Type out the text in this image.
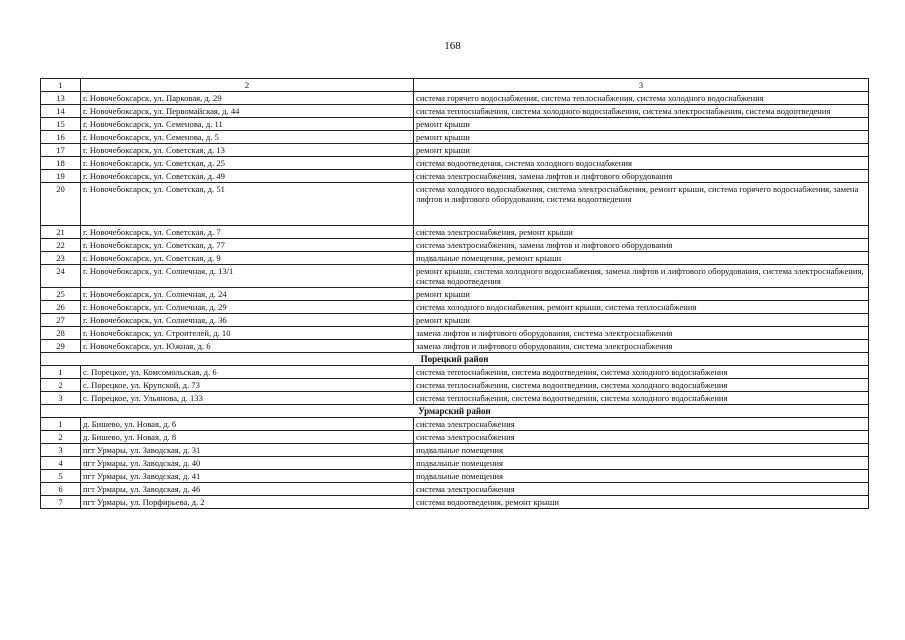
168
1	2	3
13	г. Новочебоксарск, ул. Парковая, д. 29	система горячего водоснабжения, система теплоснабжения, система холодного водоснабжения
14	г. Новочебоксарск, ул. Первомайская, д. 44	система теплоснабжения, система холодного водоснабжения, система электроснабжения, система водоотведения
15	г. Новочебоксарск, ул. Семенова, д. 11	ремонт крыши
16	г. Новочебоксарск, ул. Семенова, д. 5	ремонт крыши
17	г. Новочебоксарск, ул. Советская, д. 13	ремонт крыши
18	г. Новочебоксарск, ул. Советская, д. 25	система водоотведения, система холодного водоснабжения
19	г. Новочебоксарск, ул. Советская, д. 49	система электроснабжения, замена лифтов и лифтового оборудования
20	г. Новочебоксарск, ул. Советская, д. 51	система холодного водоснабжения, система электроснабжения, ремонт крыши, система горячего водоснабжения, замена лифтов и лифтового оборудования, система водоотведения
21	г. Новочебоксарск, ул. Советская, д. 7	система электроснабжения, ремонт крыши
22	г. Новочебоксарск, ул. Советская, д. 77	система электроснабжения, замена лифтов и лифтового оборудования
23	г. Новочебоксарск, ул. Советская, д. 9	подвальные помещения, ремонт крыши
24	г. Новочебоксарск, ул. Солнечная, д. 13/1	ремонт крыши, система холодного водоснабжения, замена лифтов и лифтового оборудования, система электроснабжения, система водоотведения
25	г. Новочебоксарск, ул. Солнечная, д. 24	ремонт крыши
26	г. Новочебоксарск, ул. Солнечная, д. 29	система холодного водоснабжения, ремонт крыши, система теплоснабжения
27	г. Новочебоксарск, ул. Солнечная, д. 36	ремонт крыши
28	г. Новочебоксарск, ул. Строителей, д. 10	замена лифтов и лифтового оборудования, система электроснабжения
29	г. Новочебоксарск, ул. Южная, д. 6	замена лифтов и лифтового оборудования, система электроснабжения
Порецкий район		
1	с. Порецкое, ул. Комсомольская, д. 6	система теплоснабжения, система водоотведения, система холодного водоснабжения
2	с. Порецкое, ул. Крупской, д. 73	система теплоснабжения, система водоотведения, система холодного водоснабжения
3	с. Порецкое, ул. Ульянова, д. 133	система теплоснабжения, система водоотведения, система холодного водоснабжения
Урмарский район		
1	д. Бишево, ул. Новая, д. 6	система электроснабжения
2	д. Бишево, ул. Новая, д. 8	система электроснабжения
3	пгт Урмары, ул. Заводская, д. 31	подвальные помещения
4	пгт Урмары, ул. Заводская, д. 40	подвальные помещения
5	пгт Урмары, ул. Заводская, д. 41	подвальные помещения
6	пгт Урмары, ул. Заводская, д. 46	система электроснабжения
7	пгт Урмары, ул. Порфирьева, д. 2	система водоотведения, ремонт крыши
